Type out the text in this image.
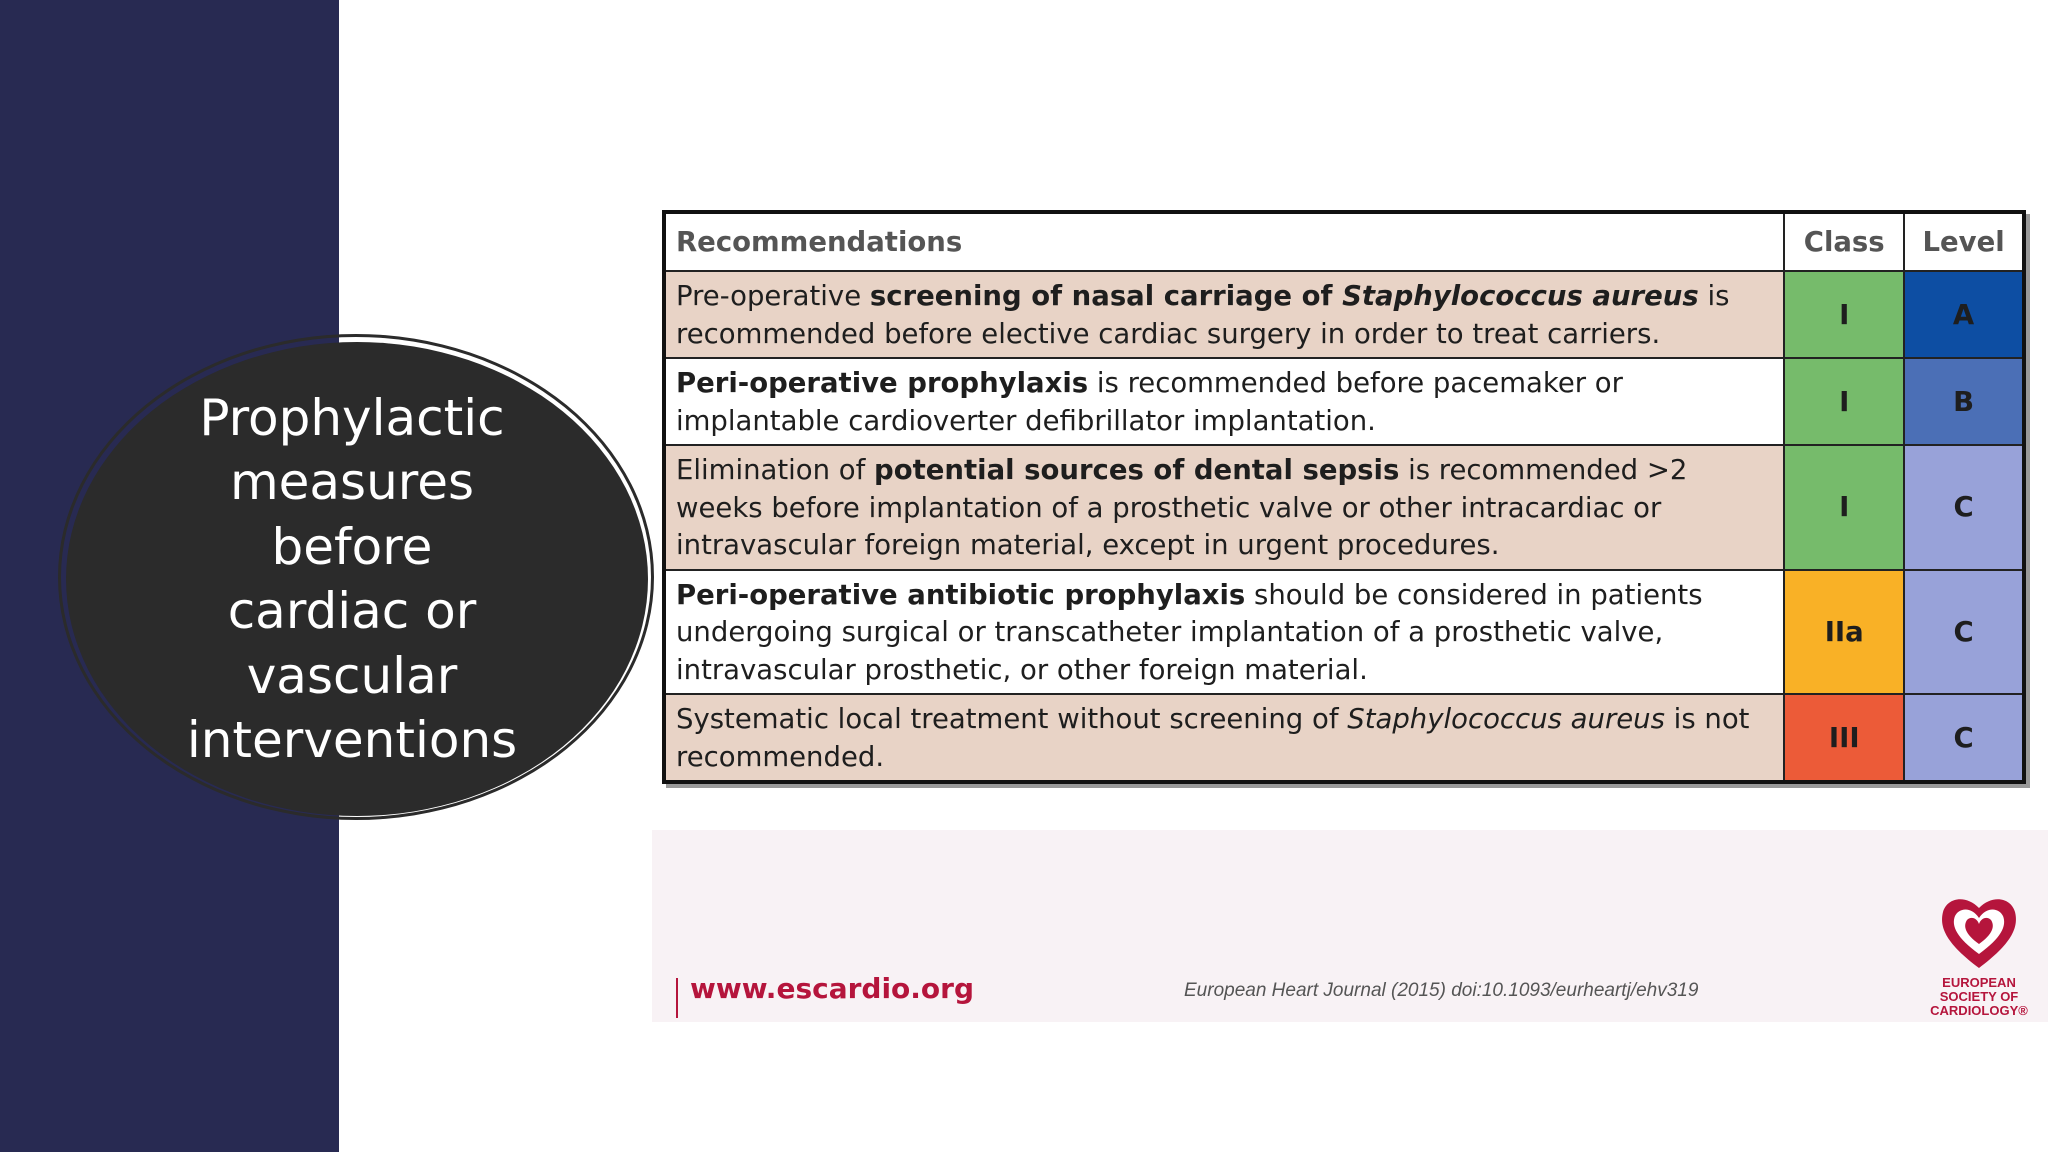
Prophylactic
measures
before
cardiac or
vascular
interventions
Recommendations	Class	Level
Pre-operative screening of nasal carriage of Staphylococcus aureus is recommended before elective cardiac surgery in order to treat carriers.	I	A
Peri-operative prophylaxis is recommended before pacemaker or implantable cardioverter defibrillator implantation.	I	B
Elimination of potential sources of dental sepsis is recommended >2 weeks before implantation of a prosthetic valve or other intracardiac or intravascular foreign material, except in urgent procedures.	I	C
Peri-operative antibiotic prophylaxis should be considered in patients undergoing surgical or transcatheter implantation of a prosthetic valve, intravascular prosthetic, or other foreign material.	IIa	C
Systematic local treatment without screening of Staphylococcus aureus is not recommended.	III	C
www.escardio.org	European Heart Journal (2015) doi:10.1093/eurheartj/ehv319	EUROPEAN
SOCIETY OF
CARDIOLOGY®
